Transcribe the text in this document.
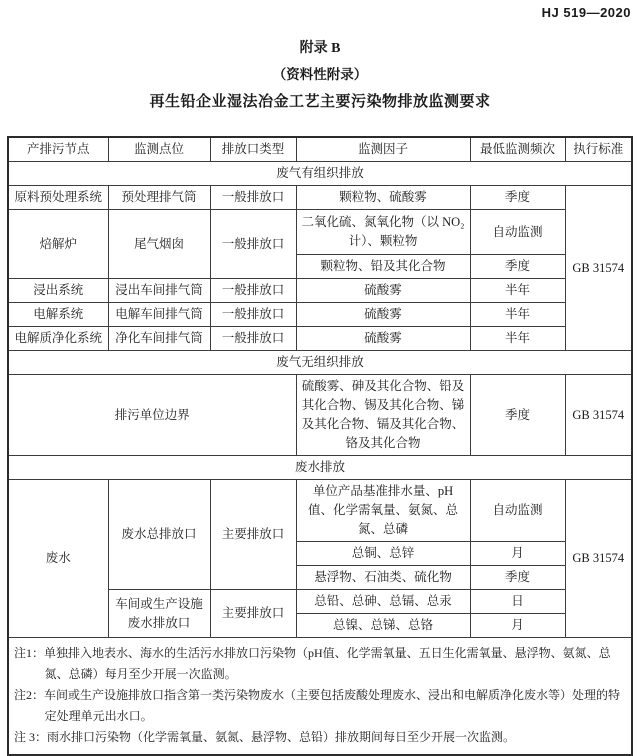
HJ 519—2020
附录 B
（资料性附录）
再生铅企业湿法冶金工艺主要污染物排放监测要求
产排污节点	监测点位	排放口类型	监测因子	最低监测频次	执行标准
废气有组织排放					
原料预处理系统	预处理排气筒	一般排放口	颗粒物、硫酸雾	季度	GB 31574
焙解炉	尾气烟囱	一般排放口	二氧化硫、氮氧化物（以 NO₂ 计）、颗粒物	自动监测	
			颗粒物、铅及其化合物	季度	
浸出系统	浸出车间排气筒	一般排放口	硫酸雾	半年	
电解系统	电解车间排气筒	一般排放口	硫酸雾	半年	
电解质净化系统	净化车间排气筒	一般排放口	硫酸雾	半年	
废气无组织排放					
排污单位边界			硫酸雾、砷及其化合物、铅及其化合物、锡及其化合物、锑及其化合物、镉及其化合物、铬及其化合物	季度	GB 31574
废水排放					
废水	废水总排放口	主要排放口	单位产品基准排水量、pH 值、化学需氧量、氨氮、总氮、总磷	自动监测	GB 31574
			总铜、总锌	月	
			悬浮物、石油类、硫化物	季度	
	车间或生产设施废水排放口	主要排放口	总铅、总砷、总镉、总汞	日	
			总镍、总锑、总铬	月	

注1：单独排入地表水、海水的生活污水排放口污染物（pH值、化学需氧量、五日生化需氧量、悬浮物、氨氮、总氮、总磷）每月至少开展一次监测。
注2：车间或生产设施排放口指含第一类污染物废水（主要包括废酸处理废水、浸出和电解质净化废水等）处理的特定处理单元出水口。
注 3：雨水排口污染物（化学需氧量、氨氮、悬浮物、总铅）排放期间每日至少开展一次监测。					
